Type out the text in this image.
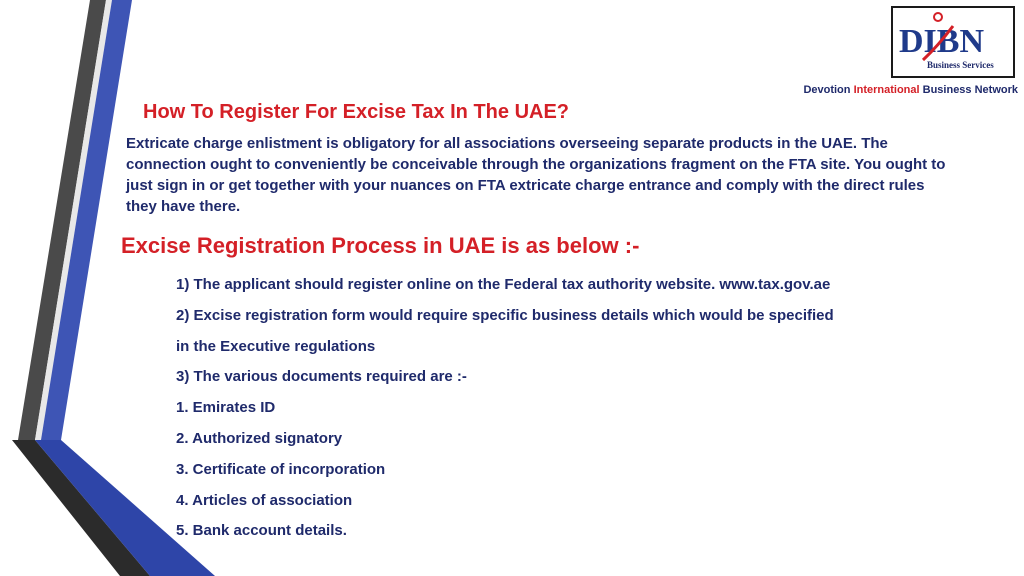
DIBN
Business Services
Devotion International Business Network
How To Register For Excise Tax In The UAE?
Extricate charge enlistment is obligatory for all associations overseeing separate products in the UAE. The connection ought to conveniently be conceivable through the organizations fragment on the FTA site. You ought to just sign in or get together with your nuances on FTA extricate charge entrance and comply with the direct rules they have there.
Excise Registration Process in UAE is as below :-
1) The applicant should register online on the Federal tax authority website. www.tax.gov.ae
2) Excise registration form would require specific business details which would be specified
in the Executive regulations
3) The various documents required are :-
1. Emirates ID
2. Authorized signatory
3. Certificate of incorporation
4. Articles of association
5. Bank account details.
